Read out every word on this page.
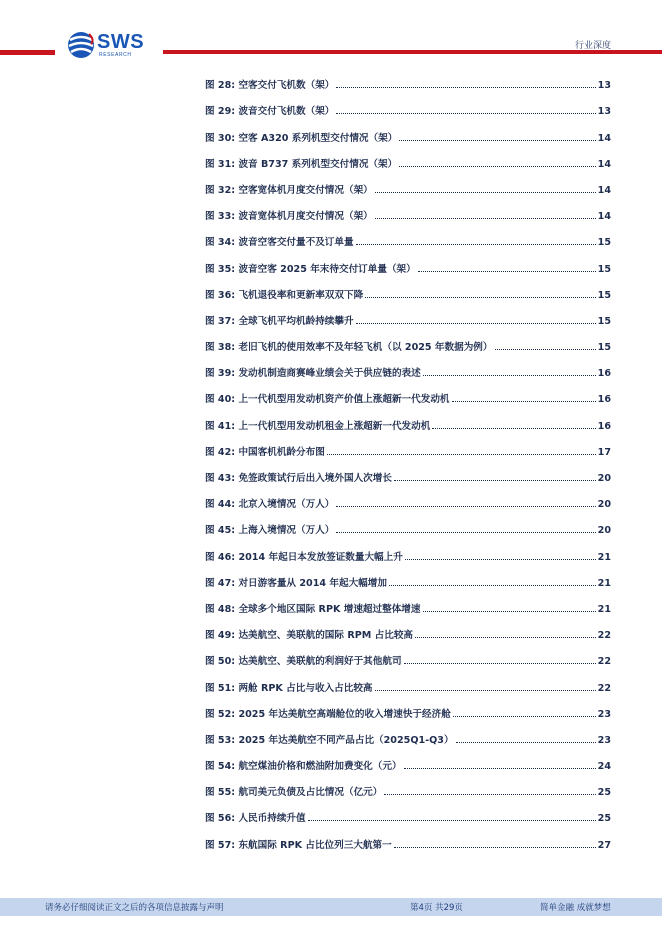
SWS
RESEARCH
行业深度
图 28: 空客交付飞机数（架）	13
图 29: 波音交付飞机数（架）	13
图 30: 空客 A320 系列机型交付情况（架）	14
图 31: 波音 B737 系列机型交付情况（架）	14
图 32: 空客宽体机月度交付情况（架）	14
图 33: 波音宽体机月度交付情况（架）	14
图 34: 波音空客交付量不及订单量	15
图 35: 波音空客 2025 年末待交付订单量（架）	15
图 36: 飞机退役率和更新率双双下降	15
图 37: 全球飞机平均机龄持续攀升	15
图 38: 老旧飞机的使用效率不及年轻飞机（以 2025 年数据为例）	15
图 39: 发动机制造商赛峰业绩会关于供应链的表述	16
图 40: 上一代机型用发动机资产价值上涨超新一代发动机	16
图 41: 上一代机型用发动机租金上涨超新一代发动机	16
图 42: 中国客机机龄分布图	17
图 43: 免签政策试行后出入境外国人次增长	20
图 44: 北京入境情况（万人）	20
图 45: 上海入境情况（万人）	20
图 46: 2014 年起日本发放签证数量大幅上升	21
图 47: 对日游客量从 2014 年起大幅增加	21
图 48: 全球多个地区国际 RPK 增速超过整体增速	21
图 49: 达美航空、美联航的国际 RPM 占比较高	22
图 50: 达美航空、美联航的利润好于其他航司	22
图 51: 两舱 RPK 占比与收入占比较高	22
图 52: 2025 年达美航空高端舱位的收入增速快于经济舱	23
图 53: 2025 年达美航空不同产品占比（2025Q1-Q3）	23
图 54: 航空煤油价格和燃油附加费变化（元）	24
图 55: 航司美元负债及占比情况（亿元）	25
图 56: 人民币持续升值	25
图 57: 东航国际 RPK 占比位列三大航第一	27
请务必仔细阅读正文之后的各项信息披露与声明	第4页 共29页	简单金融 成就梦想
